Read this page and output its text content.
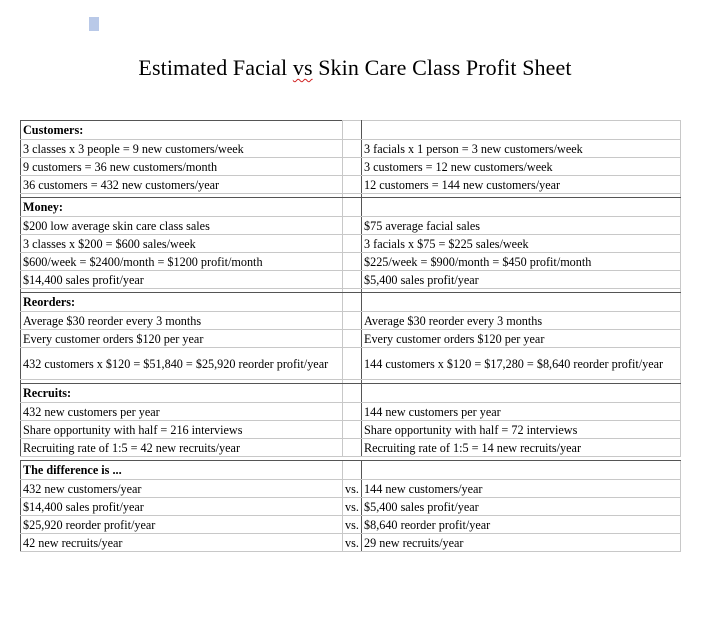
Estimated Facial vs Skin Care Class Profit Sheet
Customers:		
3 classes x 3 people = 9 new customers/week		3 facials x 1 person = 3 new customers/week
9 customers = 36 new customers/month		3 customers = 12 new customers/week
36 customers = 432 new customers/year		12 customers = 144 new customers/year

Money:		
$200 low average skin care class sales		$75 average facial sales
3 classes x $200 = $600 sales/week		3 facials x $75 = $225 sales/week
$600/week = $2400/month = $1200 profit/month		$225/week = $900/month = $450 profit/month
$14,400 sales profit/year		$5,400 sales profit/year

Reorders:		
Average $30 reorder every 3 months		Average $30 reorder every 3 months
Every customer orders $120 per year		Every customer orders $120 per year
432 customers x $120 = $51,840 = $25,920 reorder profit/year		144 customers x $120 = $17,280 = $8,640 reorder profit/year

Recruits:		
432 new customers per year		144 new customers per year
Share opportunity with half = 216 interviews		Share opportunity with half = 72 interviews
Recruiting rate of 1:5 = 42 new recruits/year		Recruiting rate of 1:5 = 14 new recruits/year

The difference is ...		
432 new customers/year	vs.	144 new customers/year
$14,400 sales profit/year	vs.	$5,400 sales profit/year
$25,920 reorder profit/year	vs.	$8,640 reorder profit/year
42 new recruits/year	vs.	29 new recruits/year
